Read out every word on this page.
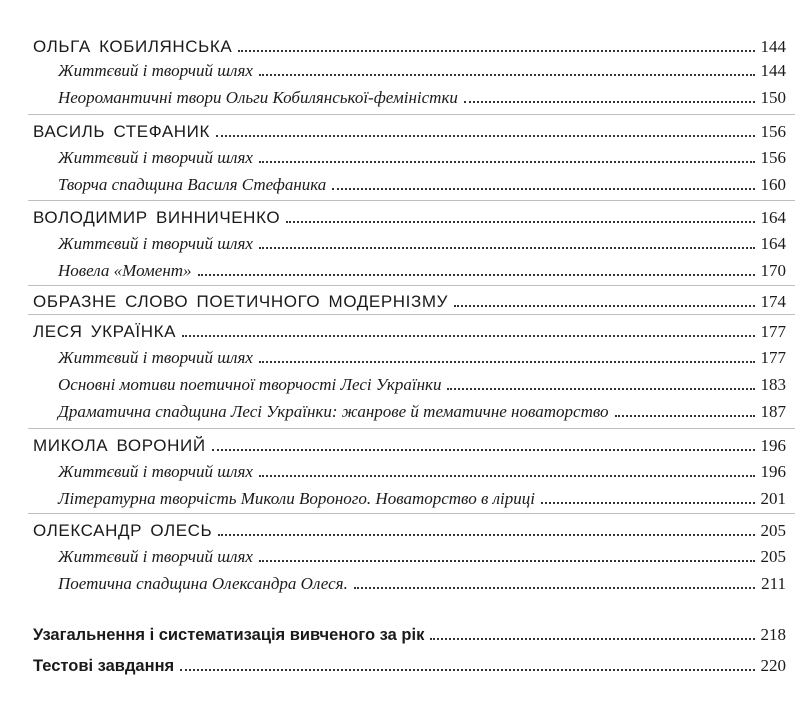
ОЛЬГА КОБИЛЯНСЬКА	144
Життєвий і творчий шлях	144
Неоромантичні твори Ольги Кобилянської-феміністки	150
ВАСИЛЬ СТЕФАНИК	156
Життєвий і творчий шлях	156
Творча спадщина Василя Стефаника	160
ВОЛОДИМИР ВИННИЧЕНКО	164
Життєвий і творчий шлях	164
Новела «Момент»	170
ОБРАЗНЕ СЛОВО ПОЕТИЧНОГО МОДЕРНІЗМУ	174
ЛЕСЯ УКРАЇНКА	177
Життєвий і творчий шлях	177
Основні мотиви поетичної творчості Лесі Українки	183
Драматична спадщина Лесі Українки: жанрове й тематичне новаторство	187
МИКОЛА ВОРОНИЙ	196
Життєвий і творчий шлях	196
Літературна творчість Миколи Вороного. Новаторство в ліриці	201
ОЛЕКСАНДР ОЛЕСЬ	205
Життєвий і творчий шлях	205
Поетична спадщина Олександра Олеся.	211
Узагальнення і систематизація вивченого за рік	218
Тестові завдання	220
